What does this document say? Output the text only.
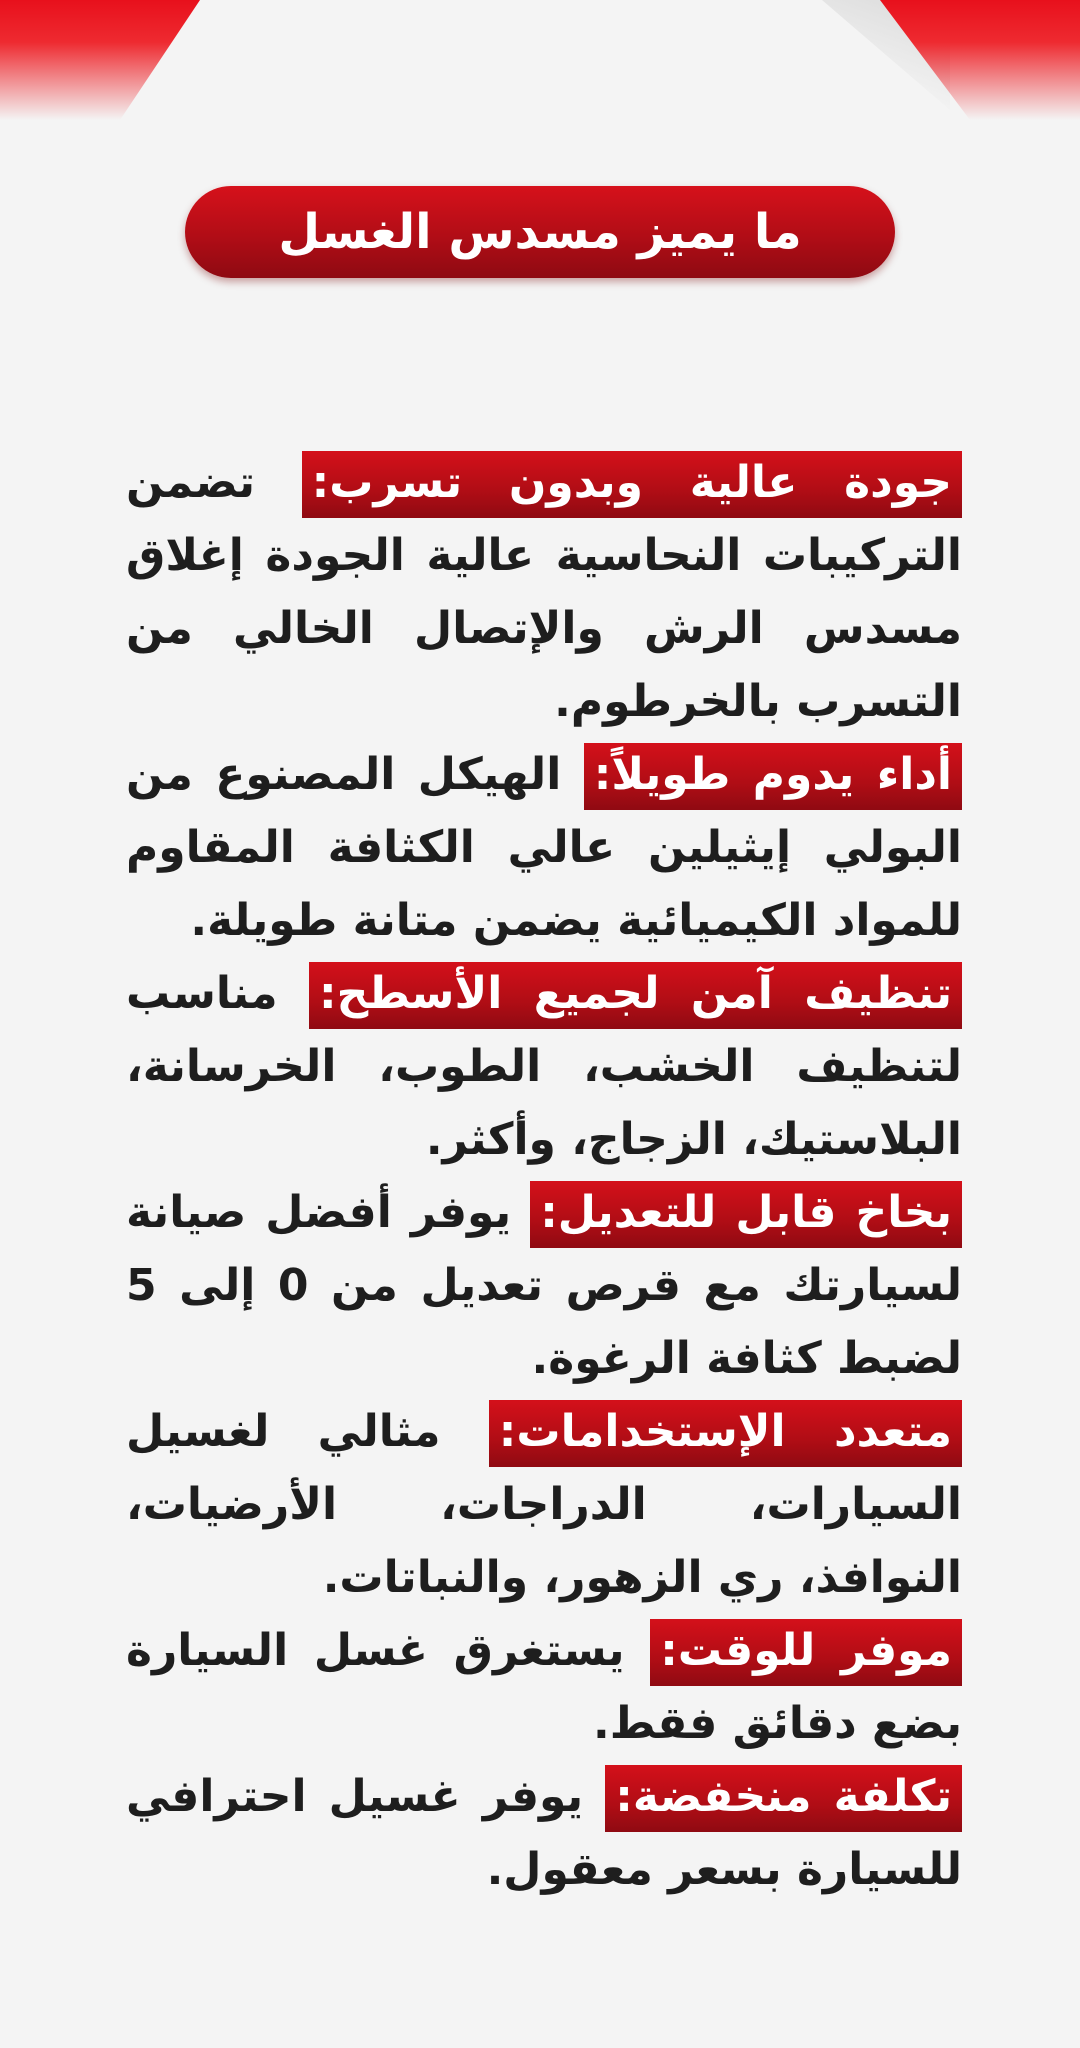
ما يميز مسدس الغسل

جودة عالية وبدون تسرب: تضمن التركيبات النحاسية عالية الجودة إغلاق مسدس الرش والإتصال الخالي من التسرب بالخرطوم.

أداء يدوم طويلاً: الهيكل المصنوع من البولي إيثيلين عالي الكثافة المقاوم للمواد الكيميائية يضمن متانة طويلة.

تنظيف آمن لجميع الأسطح: مناسب لتنظيف الخشب، الطوب، الخرسانة، البلاستيك، الزجاج، وأكثر.

بخاخ قابل للتعديل: يوفر أفضل صيانة لسيارتك مع قرص تعديل من 0 إلى 5 لضبط كثافة الرغوة.

متعدد الإستخدامات: مثالي لغسيل السيارات، الدراجات، الأرضيات، النوافذ، ري الزهور، والنباتات.

موفر للوقت: يستغرق غسل السيارة بضع دقائق فقط.

تكلفة منخفضة: يوفر غسيل احترافي للسيارة بسعر معقول.
